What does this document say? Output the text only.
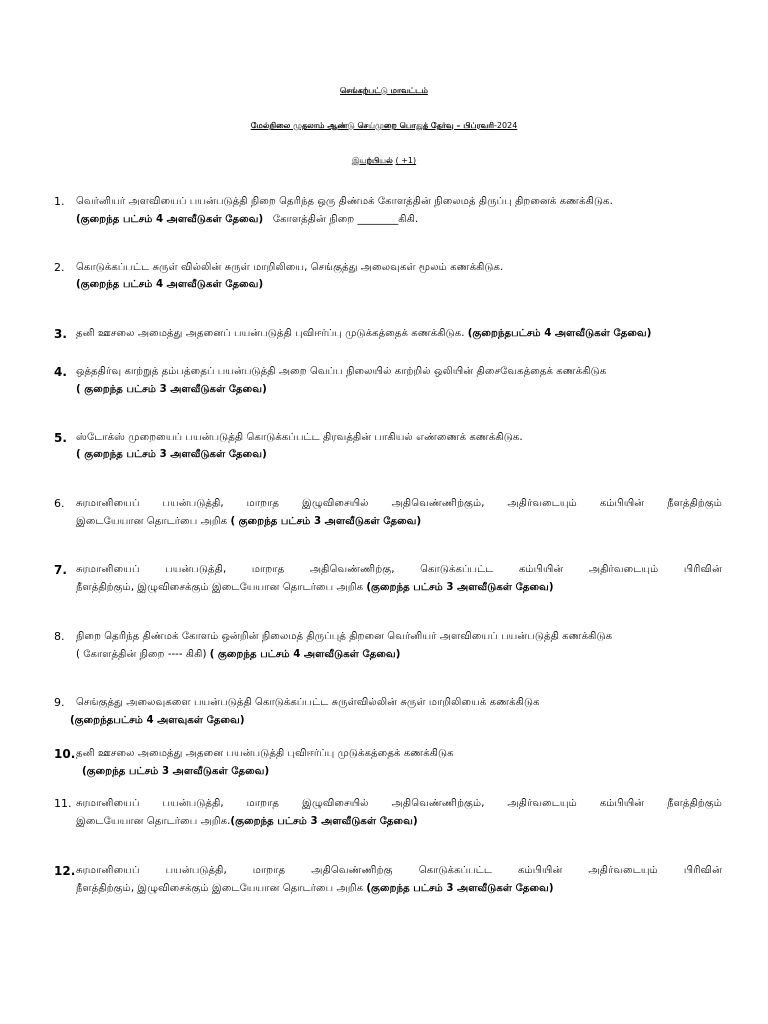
செங்கற்பட்டு மாவட்டம்
மேல்நிலை முதலாம் ஆண்டு செய்முறை பொதுத் தேர்வு – பிப்ரவரி-2024
இயற்பியல் ( +1)
1. வெர்னியர் அளவியைப் பயன்படுத்தி நிறை தெரிந்த ஒரு திண்மக் கோளத்தின் நிலைமத் திருப்பு திறனைக் கணக்கிடுக.
(குறைந்த பட்சம் 4 அளவீடுகள் தேவை) கோளத்தின் நிறை ________கிகி.
2. கொடுக்கப்பட்ட சுருள் வில்லின் சுருள் மாறிலியை, செங்குத்து அலைவுகள் மூலம் கணக்கிடுக.
(குறைந்த பட்சம் 4 அளவீடுகள் தேவை)
3. தனி ஊசலை அமைத்து அதனைப் பயன்படுத்தி புவிஈர்ப்பு முடுக்கத்தைக் கணக்கிடுக. (குறைந்தபட்சம் 4 அளவீடுகள் தேவை)
4. ஒத்ததிர்வு காற்றுத் தம்பத்தைப் பயன்படுத்தி அறை வெப்ப நிலையில் காற்றில் ஒலியின் திசைவேகத்தைக் கணக்கிடுக
( குறைந்த பட்சம் 3 அளவீடுகள் தேவை)
5. ஸ்டோக்ஸ் முறையைப் பயன்படுத்தி கொடுக்கப்பட்ட திரவத்தின் பாகியல் எண்ணைக் கணக்கிடுக.
( குறைந்த பட்சம் 3 அளவீடுகள் தேவை)
6. சுரமானியைப் பயன்படுத்தி, மாறாத இழுவிசையில் அதிவெண்ணிற்கும், அதிர்வடையும் கம்பியின் நீளத்திற்கும்
இடையேயான தொடர்பை அறிக ( குறைந்த பட்சம் 3 அளவீடுகள் தேவை)
7. சுரமானியைப் பயன்படுத்தி, மாறாத அதிவெண்ணிற்கு, கொடுக்கப்பட்ட கம்பியின் அதிர்வடையும் பிரிவின்
நீளத்திற்கும், இழுவிசைக்கும் இடையேயான தொடர்பை அறிக (குறைந்த பட்சம் 3 அளவீடுகள் தேவை)
8. நிறை தெரிந்த திண்மக் கோளம் ஒன்றின் நிலைமத் திருப்புத் திறனை வெர்னியர் அளவியைப் பயன்படுத்தி கணக்கிடுக
( கோளத்தின் நிறை ---- கிகி) ( குறைந்த பட்சம் 4 அளவீடுகள் தேவை)
9. செங்குத்து அலைவுகளை பயன்படுத்தி கொடுக்கப்பட்ட சுருள்வில்லின் சுருள் மாறிலியைக் கணக்கிடுக
(குறைந்தபட்சம் 4 அளவுகள் தேவை)
10. தனி ஊசலை அமைத்து அதனை பயன்படுத்தி புவிஈர்ப்பு முடுக்கத்தைக் கணக்கிடுக
(குறைந்த பட்சம் 3 அளவீடுகள் தேவை)
11. சுரமானியைப் பயன்படுத்தி, மாறாத இழுவிசையில் அதிவெண்ணிற்கும், அதிர்வடையும் கம்பியின் நீளத்திற்கும்
இடையேயான தொடர்பை அறிக.(குறைந்த பட்சம் 3 அளவீடுகள் தேவை)
12. சுரமானியைப் பயன்படுத்தி, மாறாத அதிவெண்ணிற்கு கொடுக்கப்பட்ட கம்பியின் அதிர்வடையும் பிரிவின்
நீளத்திற்கும், இழுவிசைக்கும் இடையேயான தொடர்பை அறிக (குறைந்த பட்சம் 3 அளவீடுகள் தேவை)
